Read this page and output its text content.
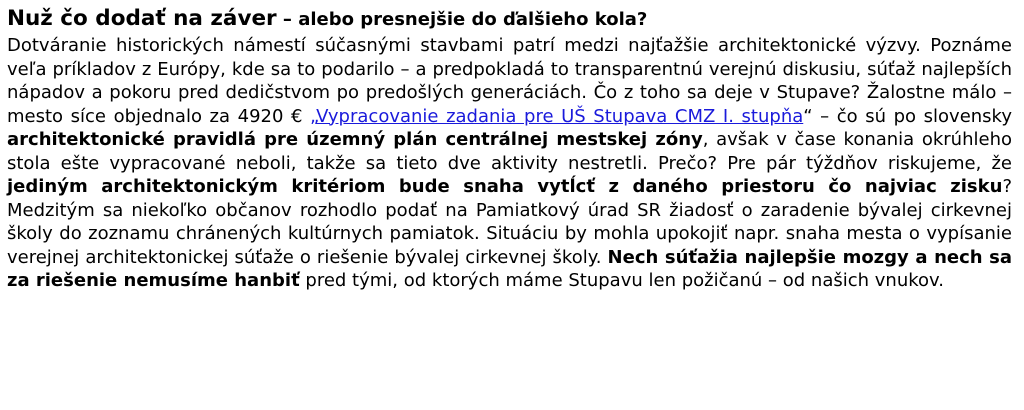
Nuž čo dodať na záver – alebo presnejšie do ďalšieho kola?

Dotváranie historických námestí súčasnými stavbami patrí medzi najťažšie architektonické výzvy. Poznáme veľa príkladov z Európy, kde sa to podarilo – a predpokladá to transparentnú verejnú diskusiu, súťaž najlepších nápadov a pokoru pred dedičstvom po predošlých generáciách. Čo z toho sa deje v Stupave? Žalostne málo – mesto síce objednalo za 4920 € „Vypracovanie zadania pre UŠ Stupava CMZ I. stupňa“ – čo sú po slovensky architektonické pravidlá pre územný plán centrálnej mestskej zóny, avšak v čase konania okrúhleho stola ešte vypracované neboli, takže sa tieto dve aktivity nestretli. Prečo? Pre pár týždňov riskujeme, že jediným architektonickým kritériom bude snaha vytĺcť z daného priestoru čo najviac zisku? Medzitým sa niekoľko občanov rozhodlo podať na Pamiatkový úrad SR žiadosť o zaradenie bývalej cirkevnej školy do zoznamu chránených kultúrnych pamiatok. Situáciu by mohla upokojiť napr. snaha mesta o vypísanie verejnej architektonickej súťaže o riešenie bývalej cirkevnej školy. Nech súťažia najlepšie mozgy a nech sa za riešenie nemusíme hanbiť pred tými, od ktorých máme Stupavu len požičanú – od našich vnukov.
